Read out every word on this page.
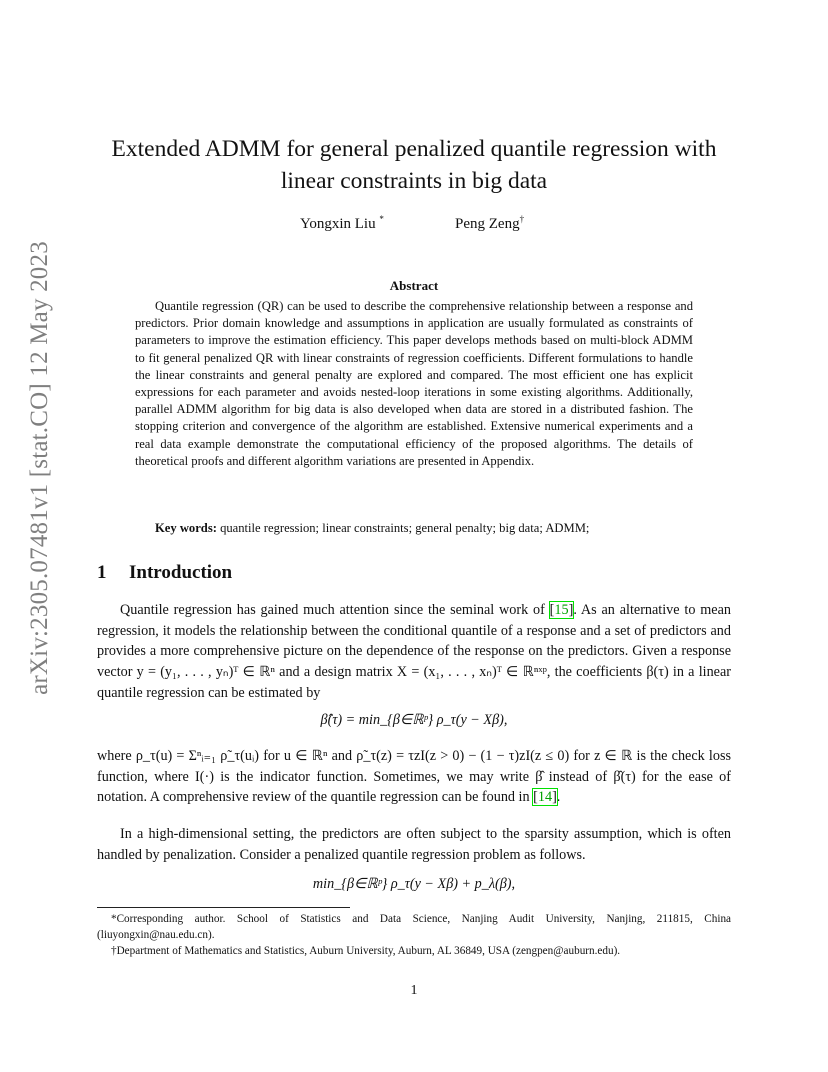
arXiv:2305.07481v1 [stat.CO] 12 May 2023
Extended ADMM for general penalized quantile regression with
linear constraints in big data
Yongxin Liu *	Peng Zeng†
Abstract
Quantile regression (QR) can be used to describe the comprehensive relationship between a response and predictors. Prior domain knowledge and assumptions in application are usually formulated as constraints of parameters to improve the estimation efficiency. This paper develops methods based on multi-block ADMM to fit general penalized QR with linear constraints of regression coefficients. Different formulations to handle the linear constraints and general penalty are explored and compared. The most efficient one has explicit expressions for each parameter and avoids nested-loop iterations in some existing algorithms. Additionally, parallel ADMM algorithm for big data is also developed when data are stored in a distributed fashion. The stopping criterion and convergence of the algorithm are established. Extensive numerical experiments and a real data example demonstrate the computational efficiency of the proposed algorithms. The details of theoretical proofs and different algorithm variations are presented in Appendix.
Key words: quantile regression; linear constraints; general penalty; big data; ADMM;
1 Introduction
Quantile regression has gained much attention since the seminal work of [ 15 ] . As an alternative to mean regression, it models the relationship between the conditional quantile of a response and a set of predictors and provides a more comprehensive picture on the dependence of the response on the predictors. Given a response vector y = (y₁, . . . , yₙ)ᵀ ∈ ℝⁿ and a design matrix X = (x₁, . . . , xₙ)ᵀ ∈ ℝⁿˣᵖ, the coefficients β(τ) in a linear quantile regression can be estimated by
β̂(τ) = min_{β∈ℝᵖ} ρ_τ(y − Xβ),
where ρ_τ(u) = Σⁿᵢ₌₁ ρ̃_τ(uᵢ) for u ∈ ℝⁿ and ρ̃_τ(z) = τzI(z > 0) − (1 − τ)zI(z ≤ 0) for z ∈ ℝ is the check loss function, where I(·) is the indicator function. Sometimes, we may write β̂ instead of β̂(τ) for the ease of notation. A comprehensive review of the quantile regression can be found in [ 14 ] .
In a high-dimensional setting, the predictors are often subject to the sparsity assumption, which is often handled by penalization. Consider a penalized quantile regression problem as follows.
min_{β∈ℝᵖ} ρ_τ(y − Xβ) + p_λ(β),
*Corresponding author. School of Statistics and Data Science, Nanjing Audit University, Nanjing, 211815, China (liuyongxin@nau.edu.cn).
†Department of Mathematics and Statistics, Auburn University, Auburn, AL 36849, USA (zengpen@auburn.edu).
1
